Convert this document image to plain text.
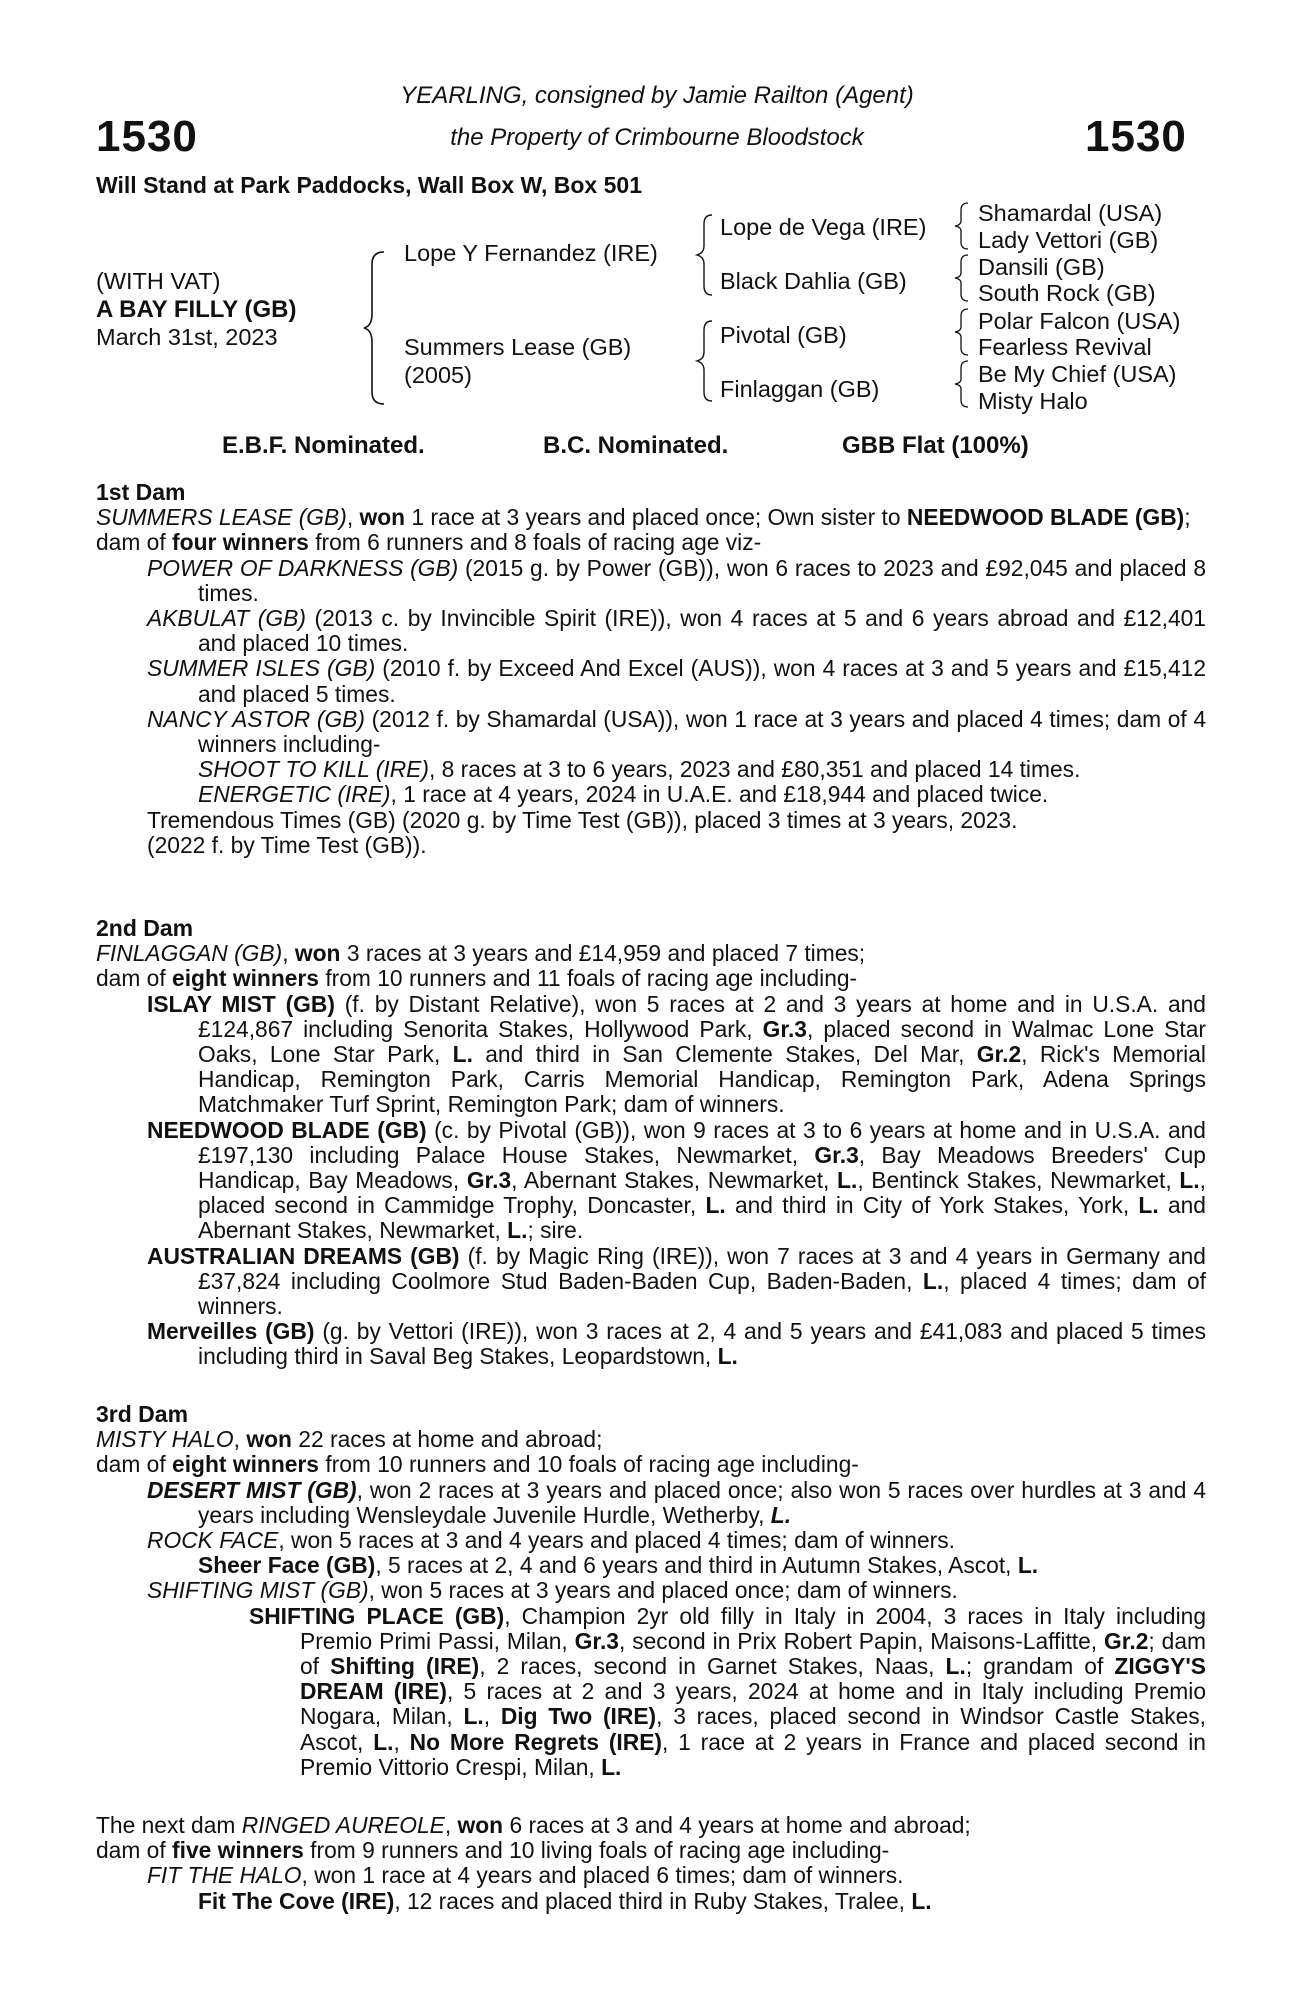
1530	1530
YEARLING, consigned by Jamie Railton (Agent)
the Property of Crimbourne Bloodstock
Will Stand at Park Paddocks, Wall Box W, Box 501
(WITH VAT)
A BAY FILLY (GB)
March 31st, 2023
Lope Y Fernandez (IRE)
Summers Lease (GB)
(2005)
Lope de Vega (IRE)
Black Dahlia (GB)
Pivotal (GB)
Finlaggan (GB)
Shamardal (USA)
Lady Vettori (GB)
Dansili (GB)
South Rock (GB)
Polar Falcon (USA)
Fearless Revival
Be My Chief (USA)
Misty Halo
E.B.F. Nominated.	B.C. Nominated.	GBB Flat (100%)

1st Dam

SUMMERS LEASE (GB), won 1 race at 3 years and placed once; Own sister to NEEDWOOD BLADE (GB);

dam of four winners from 6 runners and 8 foals of racing age viz-

POWER OF DARKNESS (GB) (2015 g. by Power (GB)), won 6 races to 2023 and £92,045 and placed 8 times.

AKBULAT (GB) (2013 c. by Invincible Spirit (IRE)), won 4 races at 5 and 6 years abroad and £12,401 and placed 10 times.

SUMMER ISLES (GB) (2010 f. by Exceed And Excel (AUS)), won 4 races at 3 and 5 years and £15,412 and placed 5 times.

NANCY ASTOR (GB) (2012 f. by Shamardal (USA)), won 1 race at 3 years and placed 4 times; dam of 4 winners including-

SHOOT TO KILL (IRE), 8 races at 3 to 6 years, 2023 and £80,351 and placed 14 times.

ENERGETIC (IRE), 1 race at 4 years, 2024 in U.A.E. and £18,944 and placed twice.

Tremendous Times (GB) (2020 g. by Time Test (GB)), placed 3 times at 3 years, 2023.

(2022 f. by Time Test (GB)).

2nd Dam

FINLAGGAN (GB), won 3 races at 3 years and £14,959 and placed 7 times;

dam of eight winners from 10 runners and 11 foals of racing age including-

ISLAY MIST (GB) (f. by Distant Relative), won 5 races at 2 and 3 years at home and in U.S.A. and £124,867 including Senorita Stakes, Hollywood Park, Gr.3, placed second in Walmac Lone Star Oaks, Lone Star Park, L. and third in San Clemente Stakes, Del Mar, Gr.2, Rick's Memorial Handicap, Remington Park, Carris Memorial Handicap, Remington Park, Adena Springs Matchmaker Turf Sprint, Remington Park; dam of winners.

NEEDWOOD BLADE (GB) (c. by Pivotal (GB)), won 9 races at 3 to 6 years at home and in U.S.A. and £197,130 including Palace House Stakes, Newmarket, Gr.3, Bay Meadows Breeders' Cup Handicap, Bay Meadows, Gr.3, Abernant Stakes, Newmarket, L., Bentinck Stakes, Newmarket, L., placed second in Cammidge Trophy, Doncaster, L. and third in City of York Stakes, York, L. and Abernant Stakes, Newmarket, L.; sire.

AUSTRALIAN DREAMS (GB) (f. by Magic Ring (IRE)), won 7 races at 3 and 4 years in Germany and £37,824 including Coolmore Stud Baden-Baden Cup, Baden-Baden, L., placed 4 times; dam of winners.

Merveilles (GB) (g. by Vettori (IRE)), won 3 races at 2, 4 and 5 years and £41,083 and placed 5 times including third in Saval Beg Stakes, Leopardstown, L.

3rd Dam

MISTY HALO, won 22 races at home and abroad;

dam of eight winners from 10 runners and 10 foals of racing age including-

DESERT MIST (GB), won 2 races at 3 years and placed once; also won 5 races over hurdles at 3 and 4 years including Wensleydale Juvenile Hurdle, Wetherby, L.

ROCK FACE, won 5 races at 3 and 4 years and placed 4 times; dam of winners.

Sheer Face (GB), 5 races at 2, 4 and 6 years and third in Autumn Stakes, Ascot, L.

SHIFTING MIST (GB), won 5 races at 3 years and placed once; dam of winners.

SHIFTING PLACE (GB), Champion 2yr old filly in Italy in 2004, 3 races in Italy including Premio Primi Passi, Milan, Gr.3, second in Prix Robert Papin, Maisons-Laffitte, Gr.2; dam of Shifting (IRE), 2 races, second in Garnet Stakes, Naas, L.; grandam of ZIGGY'S DREAM (IRE), 5 races at 2 and 3 years, 2024 at home and in Italy including Premio Nogara, Milan, L., Dig Two (IRE), 3 races, placed second in Windsor Castle Stakes, Ascot, L., No More Regrets (IRE), 1 race at 2 years in France and placed second in Premio Vittorio Crespi, Milan, L.

The next dam RINGED AUREOLE, won 6 races at 3 and 4 years at home and abroad;

dam of five winners from 9 runners and 10 living foals of racing age including-

FIT THE HALO, won 1 race at 4 years and placed 6 times; dam of winners.

Fit The Cove (IRE), 12 races and placed third in Ruby Stakes, Tralee, L.
